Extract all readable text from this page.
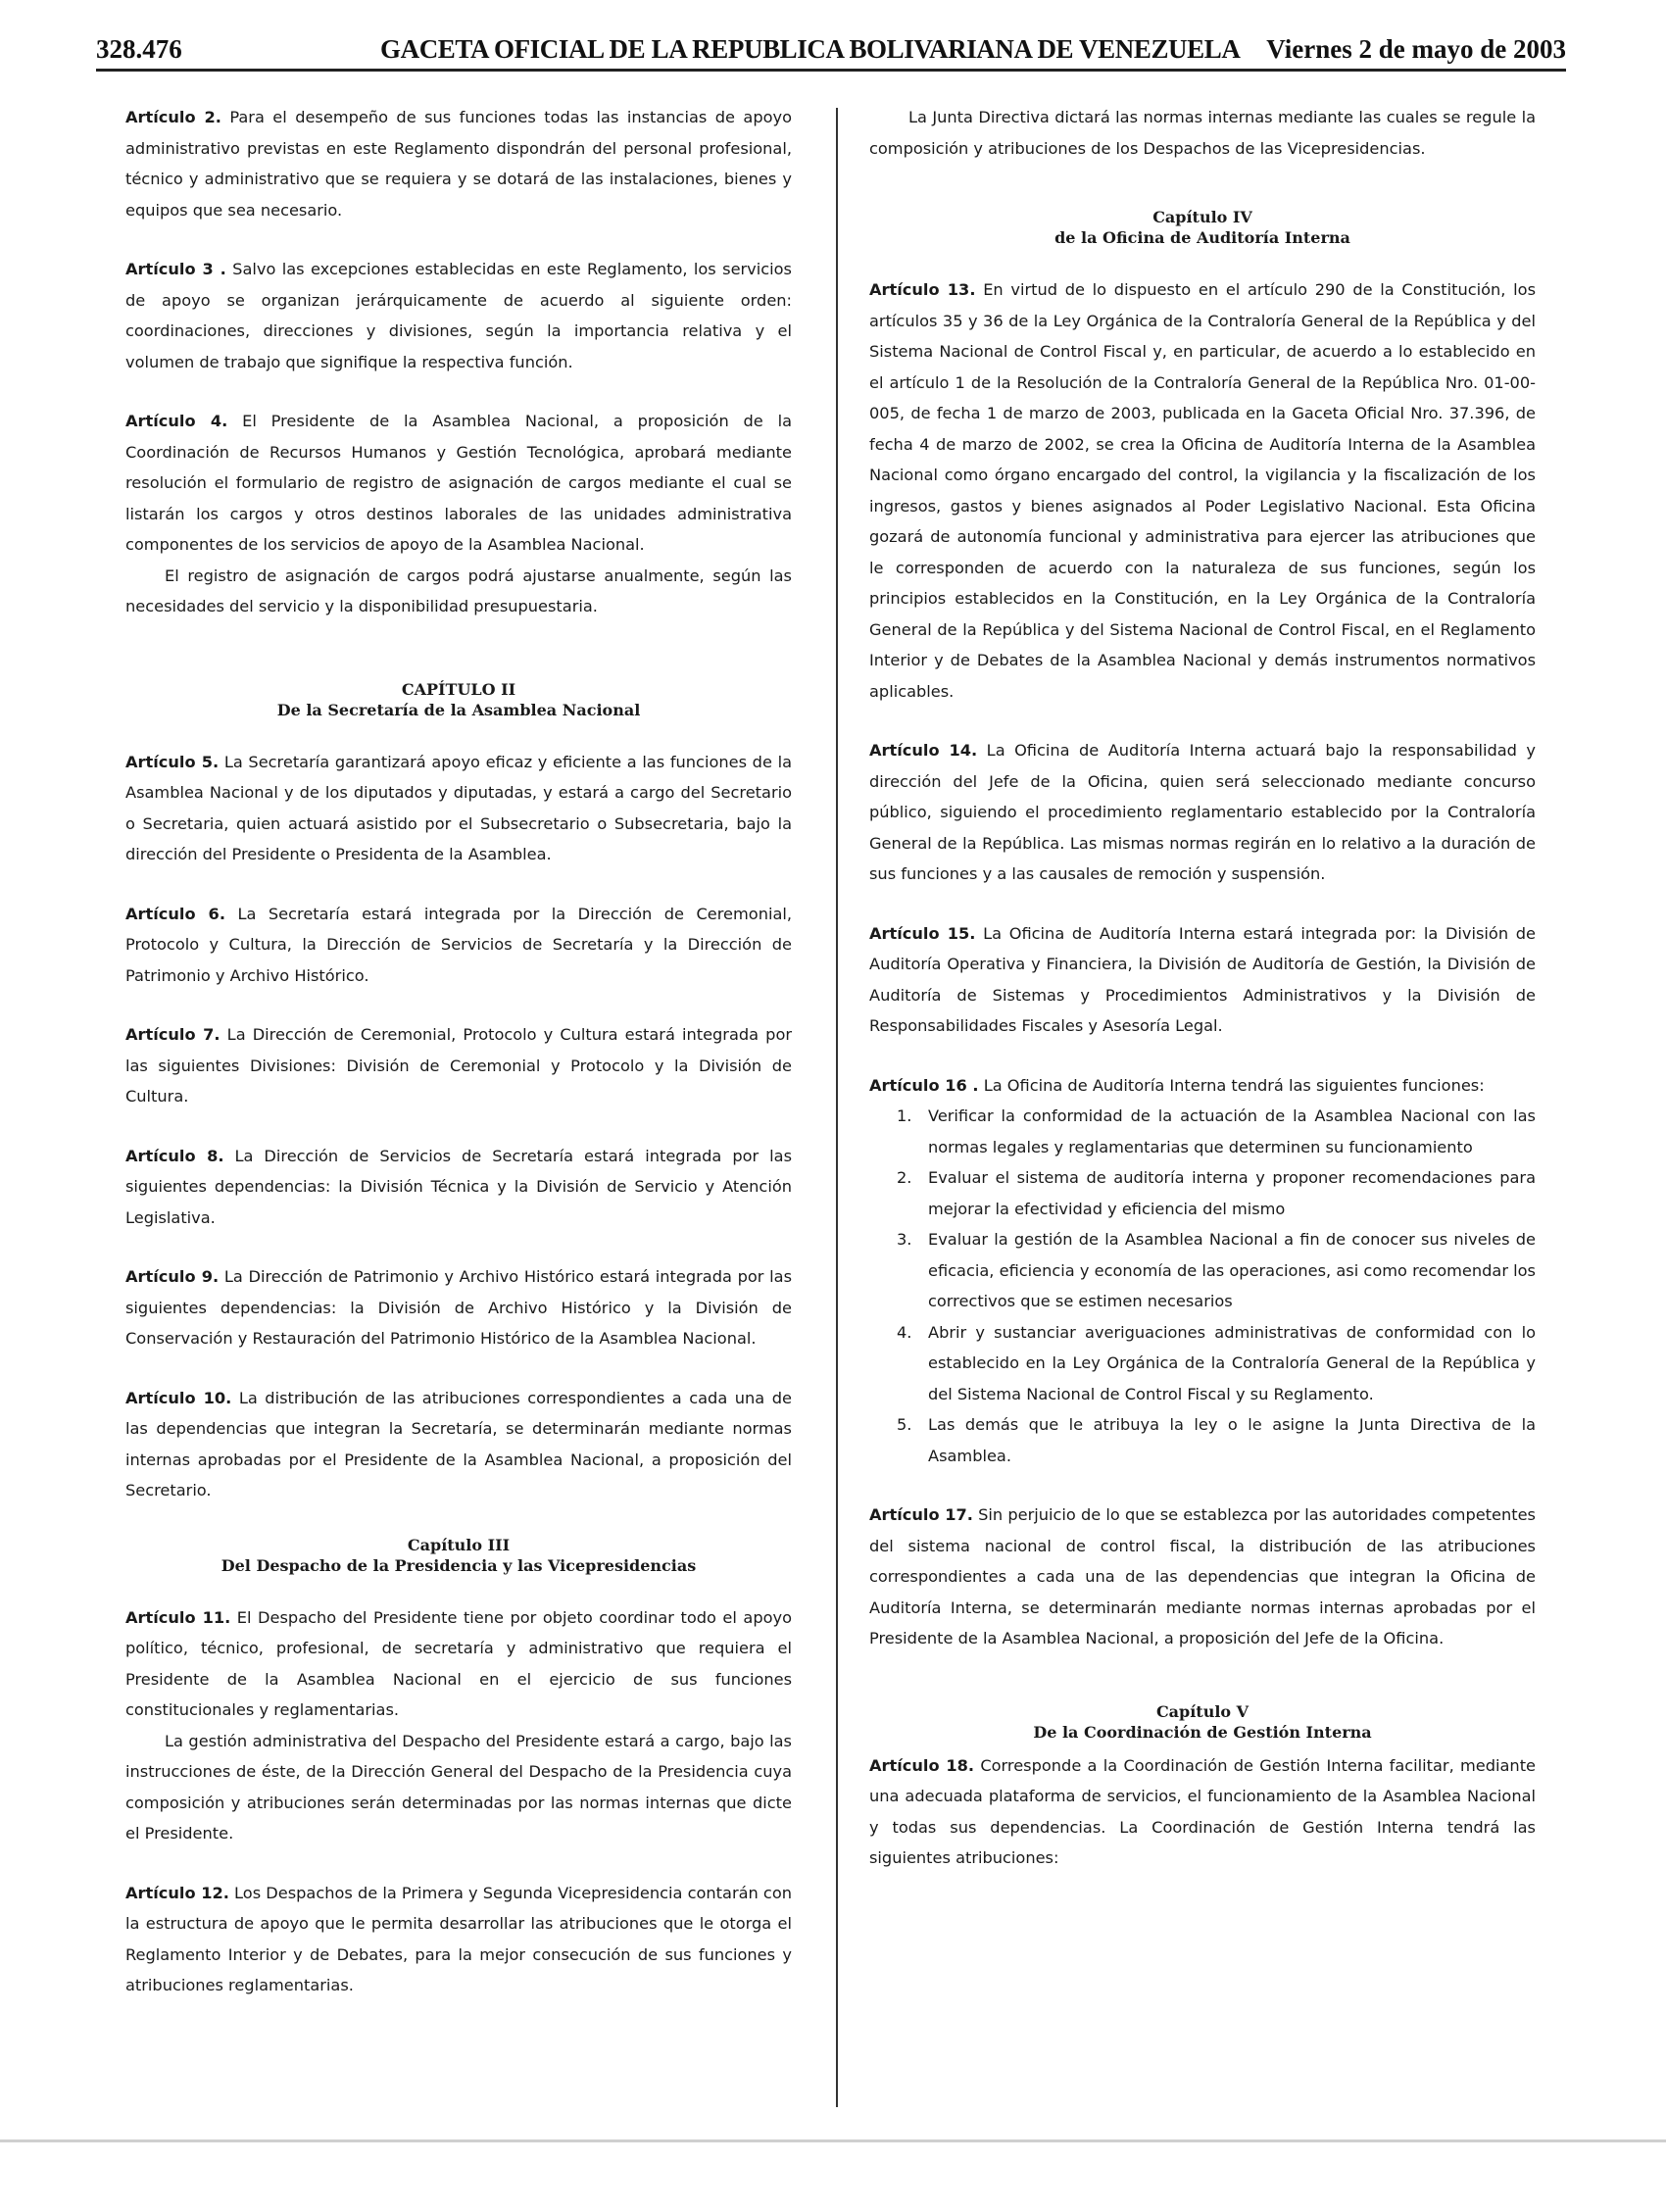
328.476	GACETA OFICIAL DE LA REPUBLICA BOLIVARIANA DE VENEZUELA Viernes 2 de mayo de 2003

Artículo 2. Para el desempeño de sus funciones todas las instancias de apoyo administrativo previstas en este Reglamento dispondrán del personal profesional, técnico y administrativo que se requiera y se dotará de las instalaciones, bienes y equipos que sea necesario.

Artículo 3 . Salvo las excepciones establecidas en este Reglamento, los servicios de apoyo se organizan jerárquicamente de acuerdo al siguiente orden: coordinaciones, direcciones y divisiones, según la importancia relativa y el volumen de trabajo que signifique la respectiva función.

Artículo 4. El Presidente de la Asamblea Nacional, a proposición de la Coordinación de Recursos Humanos y Gestión Tecnológica, aprobará mediante resolución el formulario de registro de asignación de cargos mediante el cual se listarán los cargos y otros destinos laborales de las unidades administrativa componentes de los servicios de apoyo de la Asamblea Nacional.

El registro de asignación de cargos podrá ajustarse anualmente, según las necesidades del servicio y la disponibilidad presupuestaria.

CAPÍTULO II
De la Secretaría de la Asamblea Nacional

Artículo 5. La Secretaría garantizará apoyo eficaz y eficiente a las funciones de la Asamblea Nacional y de los diputados y diputadas, y estará a cargo del Secretario o Secretaria, quien actuará asistido por el Subsecretario o Subsecretaria, bajo la dirección del Presidente o Presidenta de la Asamblea.

Artículo 6. La Secretaría estará integrada por la Dirección de Ceremonial, Protocolo y Cultura, la Dirección de Servicios de Secretaría y la Dirección de Patrimonio y Archivo Histórico.

Artículo 7. La Dirección de Ceremonial, Protocolo y Cultura estará integrada por las siguientes Divisiones: División de Ceremonial y Protocolo y la División de Cultura.

Artículo 8. La Dirección de Servicios de Secretaría estará integrada por las siguientes dependencias: la División Técnica y la División de Servicio y Atención Legislativa.

Artículo 9. La Dirección de Patrimonio y Archivo Histórico estará integrada por las siguientes dependencias: la División de Archivo Histórico y la División de Conservación y Restauración del Patrimonio Histórico de la Asamblea Nacional.

Artículo 10. La distribución de las atribuciones correspondientes a cada una de las dependencias que integran la Secretaría, se determinarán mediante normas internas aprobadas por el Presidente de la Asamblea Nacional, a proposición del Secretario.

Capítulo III
Del Despacho de la Presidencia y las Vicepresidencias

Artículo 11. El Despacho del Presidente tiene por objeto coordinar todo el apoyo político, técnico, profesional, de secretaría y administrativo que requiera el Presidente de la Asamblea Nacional en el ejercicio de sus funciones constitucionales y reglamentarias.

La gestión administrativa del Despacho del Presidente estará a cargo, bajo las instrucciones de éste, de la Dirección General del Despacho de la Presidencia cuya composición y atribuciones serán determinadas por las normas internas que dicte el Presidente.

Artículo 12. Los Despachos de la Primera y Segunda Vicepresidencia contarán con la estructura de apoyo que le permita desarrollar las atribuciones que le otorga el Reglamento Interior y de Debates, para la mejor consecución de sus funciones y atribuciones reglamentarias.

La Junta Directiva dictará las normas internas mediante las cuales se regule la composición y atribuciones de los Despachos de las Vicepresidencias.

Capítulo IV
de la Oficina de Auditoría Interna

Artículo 13. En virtud de lo dispuesto en el artículo 290 de la Constitución, los artículos 35 y 36 de la Ley Orgánica de la Contraloría General de la República y del Sistema Nacional de Control Fiscal y, en particular, de acuerdo a lo establecido en el artículo 1 de la Resolución de la Contraloría General de la República Nro. 01-00-005, de fecha 1 de marzo de 2003, publicada en la Gaceta Oficial Nro. 37.396, de fecha 4 de marzo de 2002, se crea la Oficina de Auditoría Interna de la Asamblea Nacional como órgano encargado del control, la vigilancia y la fiscalización de los ingresos, gastos y bienes asignados al Poder Legislativo Nacional. Esta Oficina gozará de autonomía funcional y administrativa para ejercer las atribuciones que le corresponden de acuerdo con la naturaleza de sus funciones, según los principios establecidos en la Constitución, en la Ley Orgánica de la Contraloría General de la República y del Sistema Nacional de Control Fiscal, en el Reglamento Interior y de Debates de la Asamblea Nacional y demás instrumentos normativos aplicables.

Artículo 14. La Oficina de Auditoría Interna actuará bajo la responsabilidad y dirección del Jefe de la Oficina, quien será seleccionado mediante concurso público, siguiendo el procedimiento reglamentario establecido por la Contraloría General de la República. Las mismas normas regirán en lo relativo a la duración de sus funciones y a las causales de remoción y suspensión.

Artículo 15. La Oficina de Auditoría Interna estará integrada por: la División de Auditoría Operativa y Financiera, la División de Auditoría de Gestión, la División de Auditoría de Sistemas y Procedimientos Administrativos y la División de Responsabilidades Fiscales y Asesoría Legal.

Artículo 16 . La Oficina de Auditoría Interna tendrá las siguientes funciones:

1. Verificar la conformidad de la actuación de la Asamblea Nacional con las normas legales y reglamentarias que determinen su funcionamiento
2. Evaluar el sistema de auditoría interna y proponer recomendaciones para mejorar la efectividad y eficiencia del mismo
3. Evaluar la gestión de la Asamblea Nacional a fin de conocer sus niveles de eficacia, eficiencia y economía de las operaciones, asi como recomendar los correctivos que se estimen necesarios
4. Abrir y sustanciar averiguaciones administrativas de conformidad con lo establecido en la Ley Orgánica de la Contraloría General de la República y del Sistema Nacional de Control Fiscal y su Reglamento.
5. Las demás que le atribuya la ley o le asigne la Junta Directiva de la Asamblea.

Artículo 17. Sin perjuicio de lo que se establezca por las autoridades competentes del sistema nacional de control fiscal, la distribución de las atribuciones correspondientes a cada una de las dependencias que integran la Oficina de Auditoría Interna, se determinarán mediante normas internas aprobadas por el Presidente de la Asamblea Nacional, a proposición del Jefe de la Oficina.

Capítulo V
De la Coordinación de Gestión Interna

Artículo 18. Corresponde a la Coordinación de Gestión Interna facilitar, mediante una adecuada plataforma de servicios, el funcionamiento de la Asamblea Nacional y todas sus dependencias. La Coordinación de Gestión Interna tendrá las siguientes atribuciones:
